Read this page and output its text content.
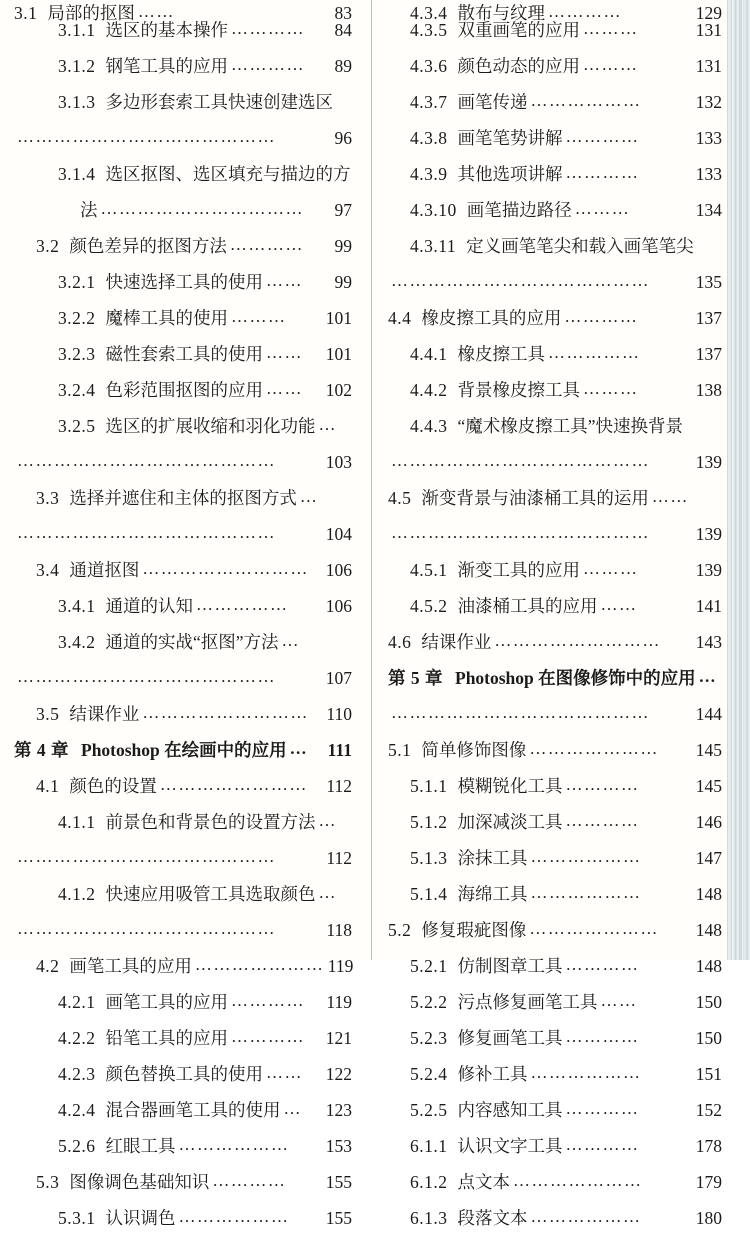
3.1 局部的抠图 ……	83
3.1.1 选区的基本操作 …………	84
3.1.2 钢笔工具的应用 …………	89
3.1.3 多边形套索工具快速创建选区
……………………………………	96
3.1.4 选区抠图、选区填充与描边的方
法 ……………………………	97
3.2 颜色差异的抠图方法 …………	99
3.2.1 快速选择工具的使用 ……	99
3.2.2 魔棒工具的使用 ………	101
3.2.3 磁性套索工具的使用 ……	101
3.2.4 色彩范围抠图的应用 ……	102
3.2.5 选区的扩展收缩和羽化功能 …
……………………………………	103
3.3 选择并遮住和主体的抠图方式 …
……………………………………	104
3.4 通道抠图 ……………………… 106
3.4.1 通道的认知 ……………	106
3.4.2 通道的实战“抠图”方法 …
……………………………………	107
3.5 结课作业 ………………………	110
第 4 章 Photoshop 在绘画中的应用 …	111
4.1 颜色的设置 ……………………	112
4.1.1 前景色和背景色的设置方法 …
……………………………………	112
4.1.2 快速应用吸管工具选取颜色 …
……………………………………	118
4.2 画笔工具的应用 ………………… 119
4.2.1 画笔工具的应用 …………	119
4.2.2 铅笔工具的应用 …………	121
4.2.3 颜色替换工具的使用 ……	122
4.2.4 混合器画笔工具的使用 …	123
5.2.6 红眼工具 ………………	153
5.3 图像调色基础知识 …………	155
5.3.1 认识调色 ………………	155
4.3.4 散布与纹理 …………	129
4.3.5 双重画笔的应用 ………	131
4.3.6 颜色动态的应用 ………	131
4.3.7 画笔传递 ………………	132
4.3.8 画笔笔势讲解 …………	133
4.3.9 其他选项讲解 …………	133
4.3.10 画笔描边路径 ………	134
4.3.11 定义画笔笔尖和载入画笔笔尖
……………………………………	135
4.4 橡皮擦工具的应用 …………	137
4.4.1 橡皮擦工具 ……………	137
4.4.2 背景橡皮擦工具 ………	138
4.4.3 “魔术橡皮擦工具”快速换背景
……………………………………	139
4.5 渐变背景与油漆桶工具的运用 ……
……………………………………	139
4.5.1 渐变工具的应用 ………	139
4.5.2 油漆桶工具的应用 ……	141
4.6 结课作业 ………………………	143
第 5 章 Photoshop 在图像修饰中的应用 …
……………………………………	144
5.1 简单修饰图像 …………………	145
5.1.1 模糊锐化工具 …………	145
5.1.2 加深减淡工具 …………	146
5.1.3 涂抹工具 ………………	147
5.1.4 海绵工具 ………………	148
5.2 修复瑕疵图像 …………………	148
5.2.1 仿制图章工具 …………	148
5.2.2 污点修复画笔工具 ……	150
5.2.3 修复画笔工具 …………	150
5.2.4 修补工具 ………………	151
5.2.5 内容感知工具 …………	152
6.1.1 认识文字工具 …………	178
6.1.2 点文本 …………………	179
6.1.3 段落文本 ………………	180
